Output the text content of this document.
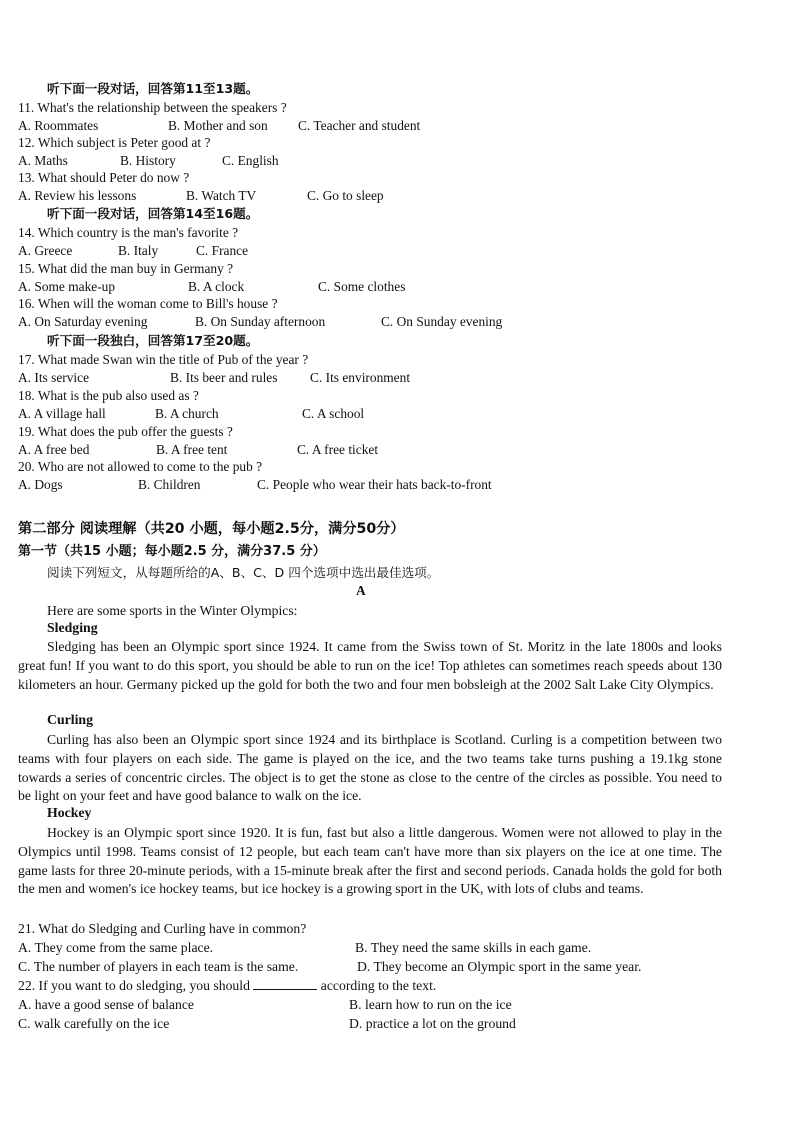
听下面一段对话，回答第11至13题。
11. What's the relationship between the speakers ?
A. Roommates	B. Mother and son C. Teacher and student
12. Which subject is Peter good at ?
A. Maths	B. History	C. English
13. What should Peter do now ?
A. Review his lessons	B. Watch TV	C. Go to sleep
听下面一段对话，回答第14至16题。
14. Which country is the man's favorite ?
A. Greece	B. Italy	C. France
15. What did the man buy in Germany ?
A. Some make-up	B. A clock	C. Some clothes
16. When will the woman come to Bill's house ?
A. On Saturday evening	B. On Sunday afternoon	C. On Sunday evening
听下面一段独白，回答第17至20题。
17. What made Swan win the title of Pub of the year ?
A. Its service	B. Its beer and rules C. Its environment
18. What is the pub also used as ?
A. A village hall	B. A church	C. A school
19. What does the pub offer the guests ?
A. A free bed	B. A free tent	C. A free ticket
20. Who are not allowed to come to the pub ?
A. Dogs	B. Children	C. People who wear their hats back-to-front
第二部分 阅读理解（共20 小题，每小题2.5分，满分50分）
第一节（共15 小题；每小题2.5 分，满分37.5 分）
阅读下列短文，从每题所给的A、B、C、D 四个选项中选出最佳选项。
A
Here are some sports in the Winter Olympics:
Sledging
Sledging has been an Olympic sport since 1924. It came from the Swiss town of St. Moritz in the late 1800s and looks great fun! If you want to do this sport, you should be able to run on the ice! Top athletes can sometimes reach speeds about 130 kilometers an hour. Germany picked up the gold for both the two and four men bobsleigh at the 2002 Salt Lake City Olympics.
Curling
Curling has also been an Olympic sport since 1924 and its birthplace is Scotland. Curling is a competition between two teams with four players on each side. The game is played on the ice, and the two teams take turns pushing a 19.1kg stone towards a series of concentric circles. The object is to get the stone as close to the centre of the circles as possible. You need to be light on your feet and have good balance to walk on the ice.
Hockey
Hockey is an Olympic sport since 1920. It is fun, fast but also a little dangerous. Women were not allowed to play in the Olympics until 1998. Teams consist of 12 people, but each team can't have more than six players on the ice at one time. The game lasts for three 20-minute periods, with a 15-minute break after the first and second periods. Canada holds the gold for both the men and women's ice hockey teams, but ice hockey is a growing sport in the UK, with lots of clubs and teams.
21. What do Sledging and Curling have in common?
A. They come from the same place.	B. They need the same skills in each game.
C. The number of players in each team is the same.	D. They become an Olympic sport in the same year.
22. If you want to do sledging, you should	according to the text.
A. have a good sense of balance	B. learn how to run on the ice
C. walk carefully on the ice	D. practice a lot on the ground
